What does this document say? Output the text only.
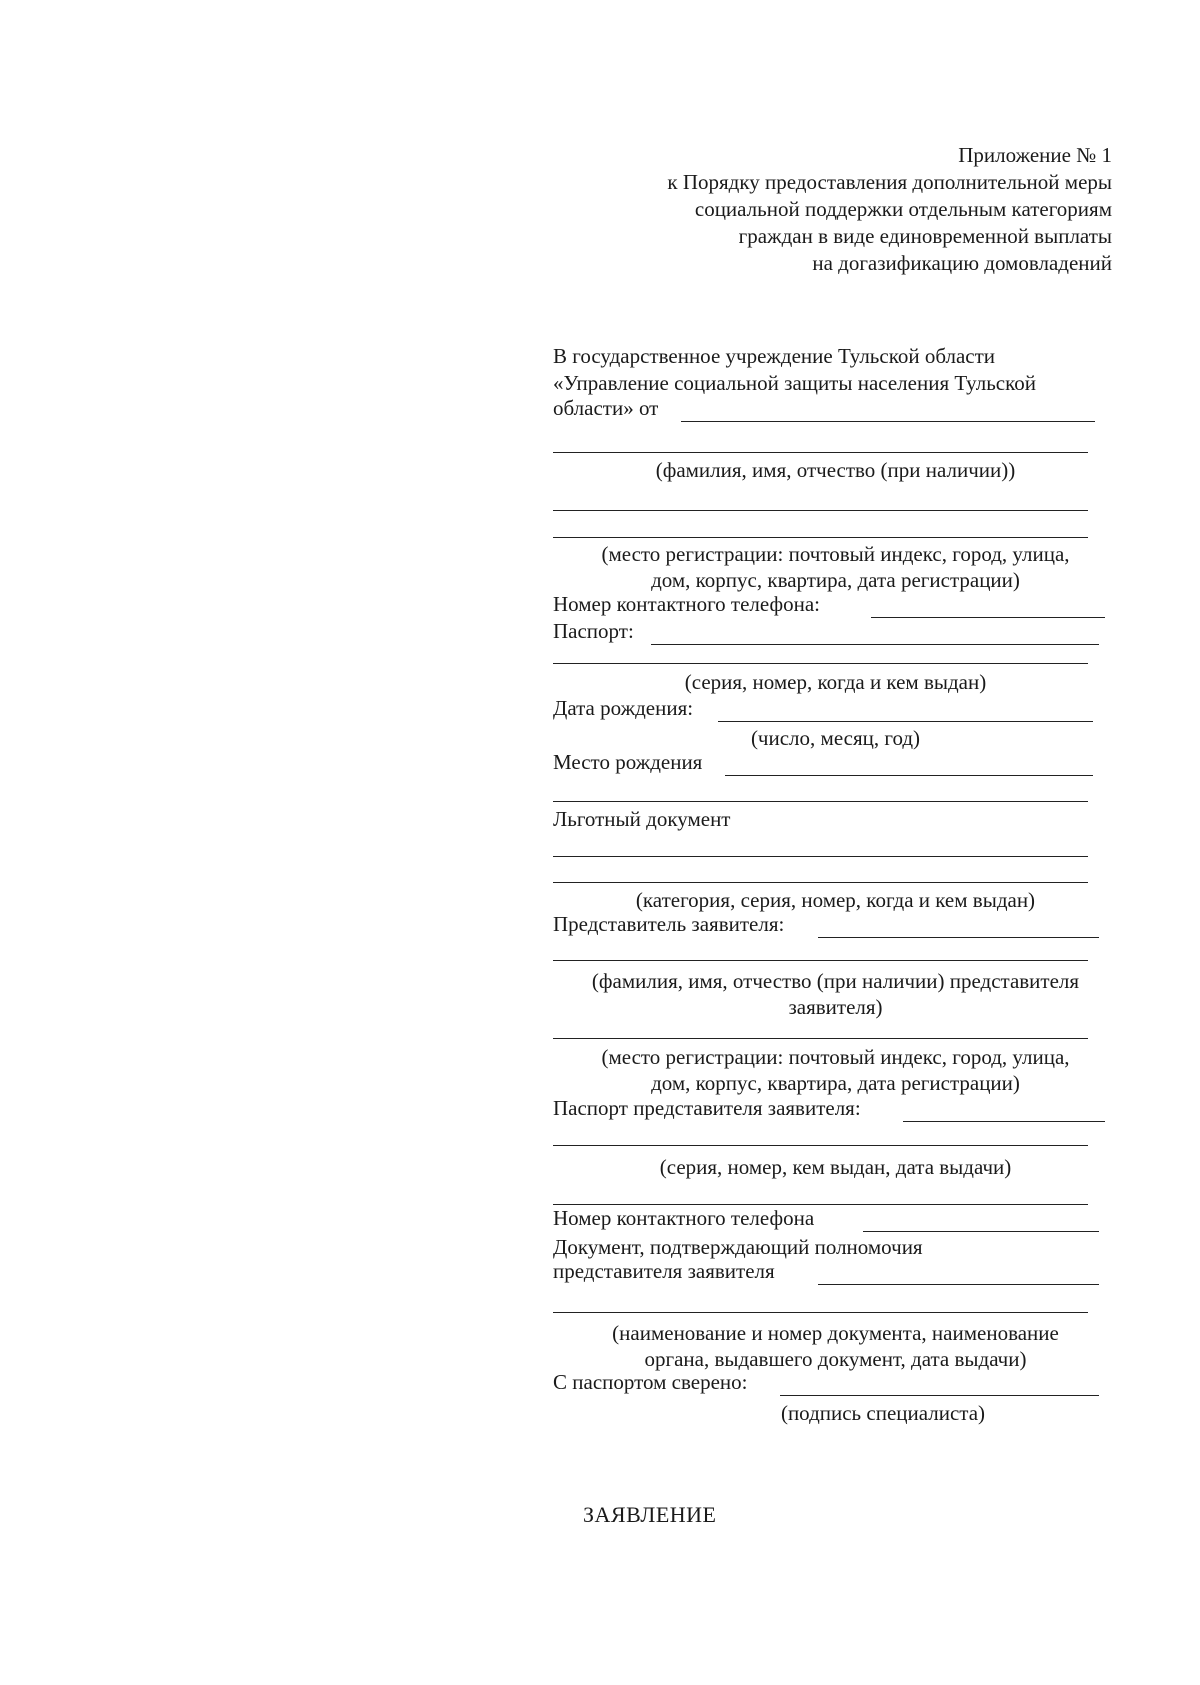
Приложение № 1
к Порядку предоставления дополнительной меры
социальной поддержки отдельным категориям
граждан в виде единовременной выплаты
на догазификацию домовладений
В государственное учреждение Тульской области
«Управление социальной защиты населения Тульской
области» от
(фамилия, имя, отчество (при наличии))
(место регистрации: почтовый индекс, город, улица,
дом, корпус, квартира, дата регистрации)
Номер контактного телефона:
Паспорт:
(серия, номер, когда и кем выдан)
Дата рождения:
(число, месяц, год)
Место рождения
Льготный документ
(категория, серия, номер, когда и кем выдан)
Представитель заявителя:
(фамилия, имя, отчество (при наличии) представителя
заявителя)
(место регистрации: почтовый индекс, город, улица,
дом, корпус, квартира, дата регистрации)
Паспорт представителя заявителя:
(серия, номер, кем выдан, дата выдачи)
Номер контактного телефона
Документ, подтверждающий полномочия
представителя заявителя
(наименование и номер документа, наименование
органа, выдавшего документ, дата выдачи)
С паспортом сверено:
(подпись специалиста)
ЗАЯВЛЕНИЕ
